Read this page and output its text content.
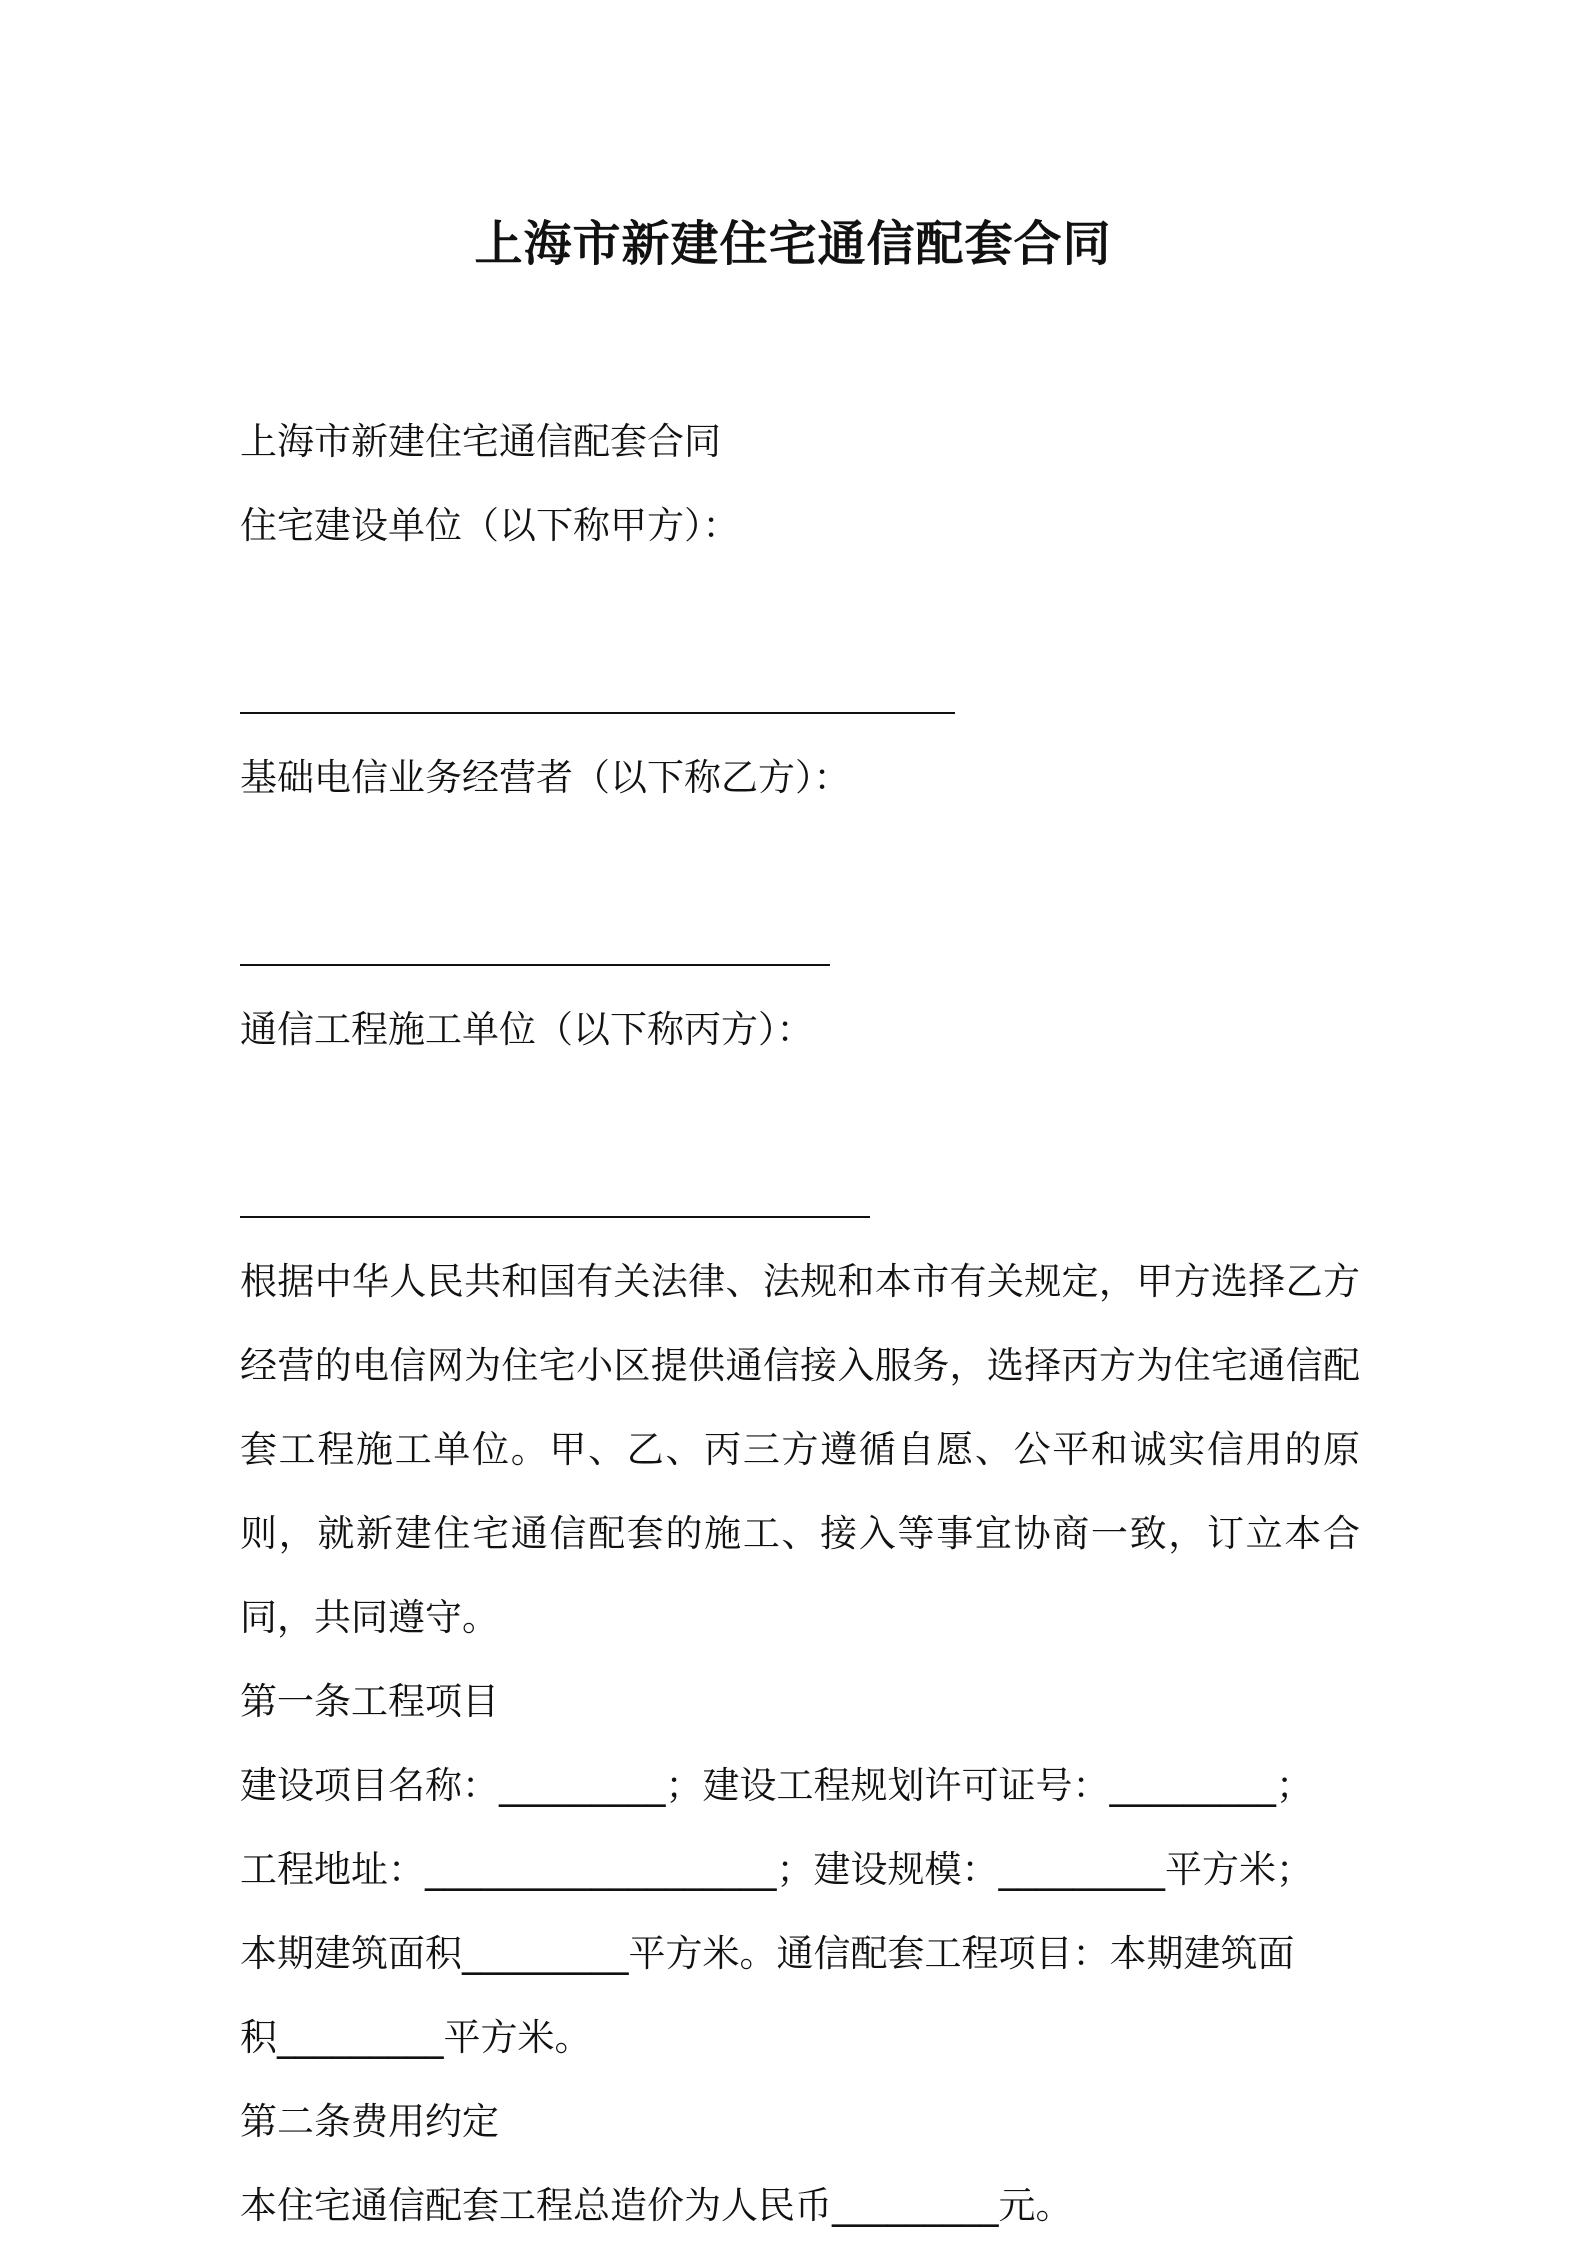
上海市新建住宅通信配套合同

上海市新建住宅通信配套合同

住宅建设单位（以下称甲方）：

基础电信业务经营者（以下称乙方）：

通信工程施工单位（以下称丙方）：

根据中华人民共和国有关法律、法规和本市有关规定，甲方选择乙方经营的电信网为住宅小区提供通信接入服务，选择丙方为住宅通信配套工程施工单位。甲、乙、丙三方遵循自愿、公平和诚实信用的原则，就新建住宅通信配套的施工、接入等事宜协商一致，订立本合同，共同遵守。

第一条工程项目

建设项目名称：_________；建设工程规划许可证号：_________；

工程地址：___________________；建设规模：_________平方米；

本期建筑面积_________平方米。通信配套工程项目：本期建筑面

积_________平方米。

第二条费用约定

本住宅通信配套工程总造价为人民币_________元。
